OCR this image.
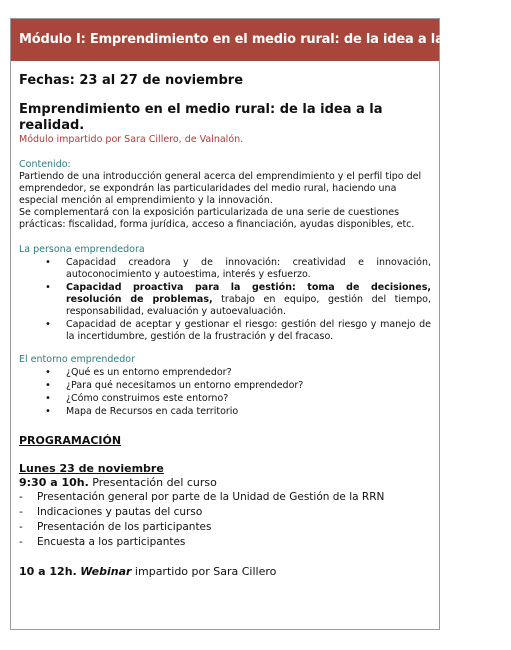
Módulo I: Emprendimiento en el medio rural: de la idea a la realidad.
Fechas: 23 al 27 de noviembre
Emprendimiento en el medio rural: de la idea a la realidad.
Módulo impartido por Sara Cillero, de Valnalón.
Contenido:
Partiendo de una introducción general acerca del emprendimiento y el perfil tipo del emprendedor, se expondrán las particularidades del medio rural, haciendo una especial mención al emprendimiento y la innovación.
Se complementará con la exposición particularizada de una serie de cuestiones prácticas: fiscalidad, forma jurídica, acceso a financiación, ayudas disponibles, etc.
La persona emprendedora
• Capacidad creadora y de innovación: creatividad e innovación, autoconocimiento y autoestima, interés y esfuerzo.
• Capacidad proactiva para la gestión: toma de decisiones, resolución de problemas, trabajo en equipo, gestión del tiempo, responsabilidad, evaluación y autoevaluación.
• Capacidad de aceptar y gestionar el riesgo: gestión del riesgo y manejo de la incertidumbre, gestión de la frustración y del fracaso.
El entorno emprendedor
• ¿Qué es un entorno emprendedor?
• ¿Para qué necesitamos un entorno emprendedor?
• ¿Cómo construimos este entorno?
• Mapa de Recursos en cada territorio
PROGRAMACIÓN
Lunes 23 de noviembre
9:30 a 10h. Presentación del curso
- Presentación general por parte de la Unidad de Gestión de la RRN
- Indicaciones y pautas del curso
- Presentación de los participantes
- Encuesta a los participantes
10 a 12h. Webinar impartido por Sara Cillero
